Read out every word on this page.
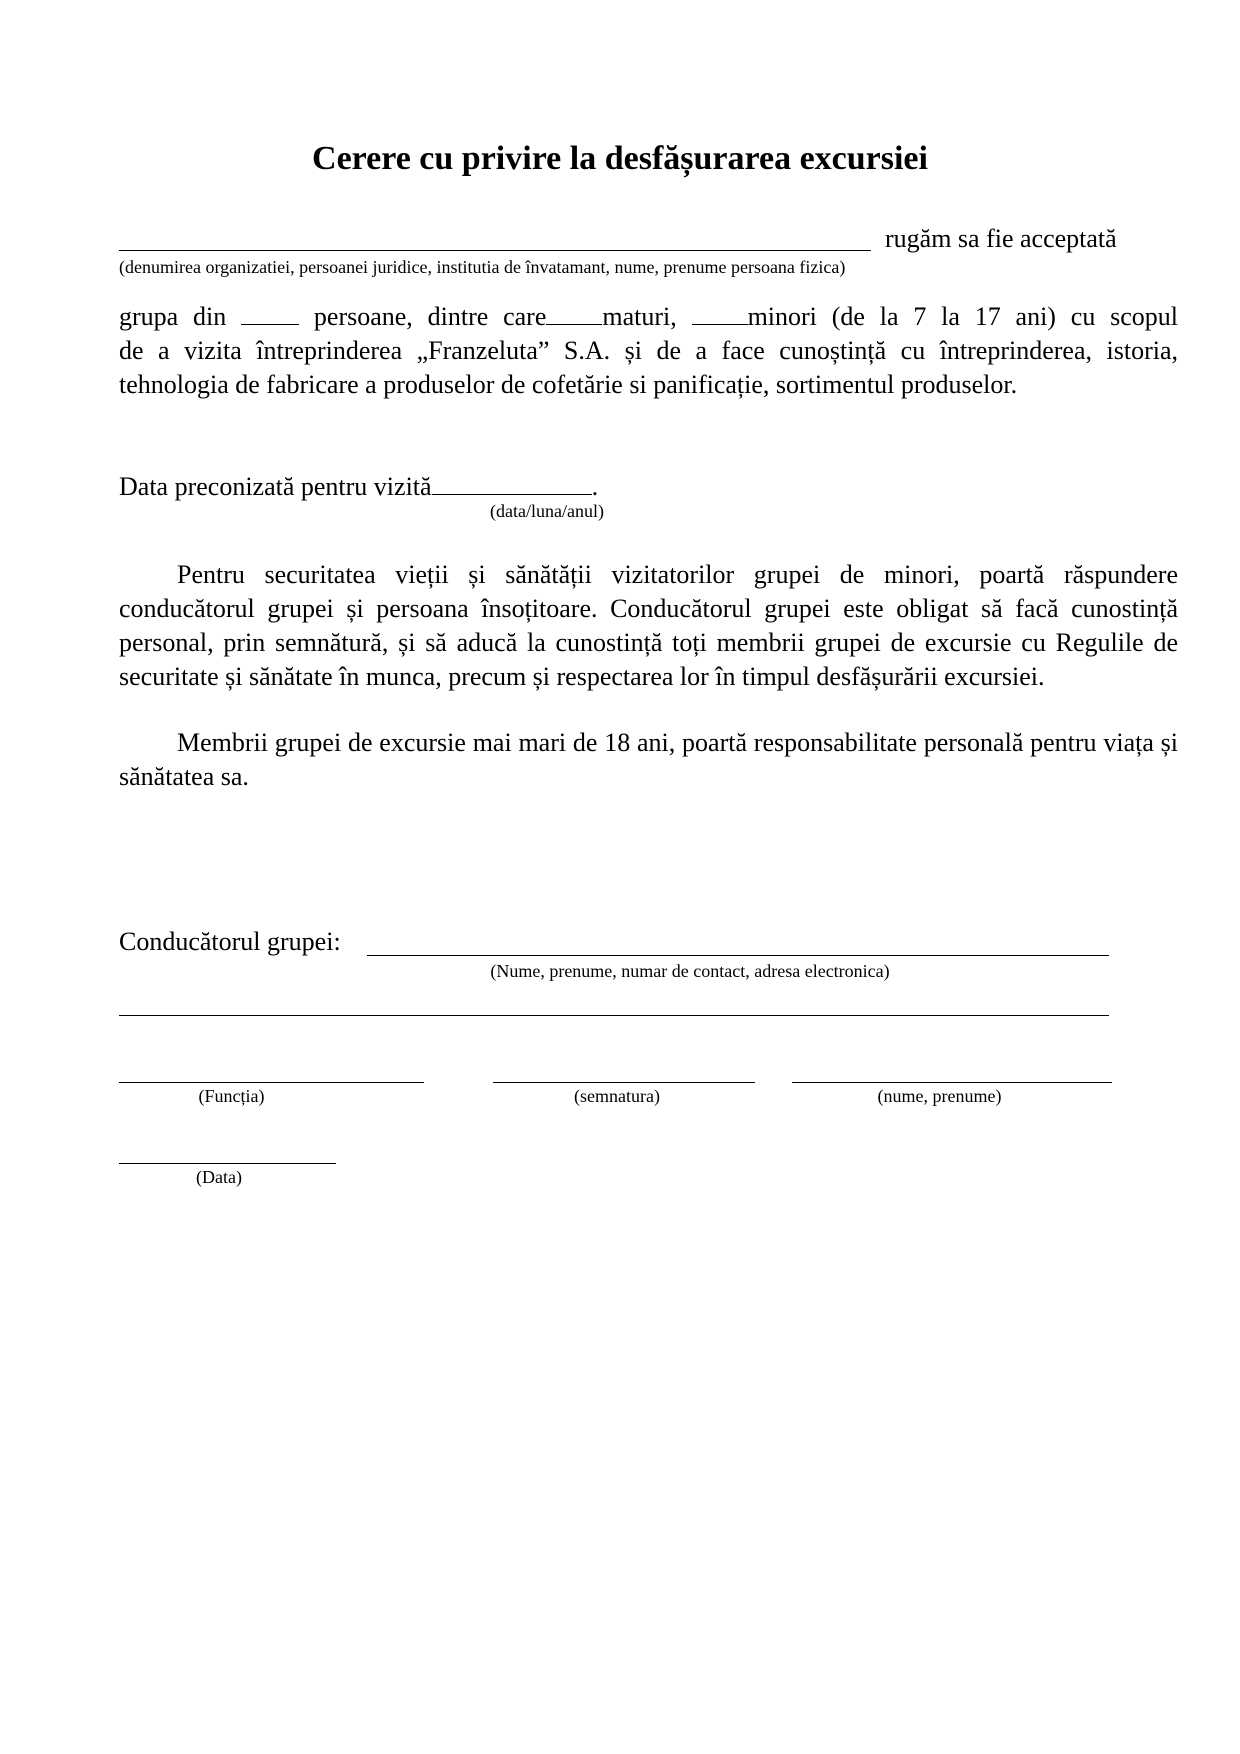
Cerere cu privire la desfășurarea excursiei
rugăm sa fie acceptată
(denumirea organizatiei, persoanei juridice, institutia de învatamant, nume, prenume persoana fizica)
grupa din	persoane, dintre care maturi,	minori (de la 7 la 17 ani) cu scopul
de a vizita întreprinderea „Franzeluta” S.A. și de a face cunoștință cu întreprinderea, istoria, tehnologia de fabricare a produselor de cofetărie si panificație, sortimentul produselor.
Data preconizată pentru vizită	.
(data/luna/anul)
Pentru securitatea vieții și sănătății vizitatorilor grupei de minori, poartă răspundere conducătorul grupei și persoana însoțitoare. Conducătorul grupei este obligat să facă cunostință personal, prin semnătură, și să aducă la cunostință toți membrii grupei de excursie cu Regulile de securitate și sănătate în munca, precum și respectarea lor în timpul desfășurării excursiei.
Membrii grupei de excursie mai mari de 18 ani, poartă responsabilitate personală pentru viața și sănătatea sa.
Conducătorul grupei:
(Nume, prenume, numar de contact, adresa electronica)
(Funcția)	(semnatura)	(nume, prenume)
(Data)
